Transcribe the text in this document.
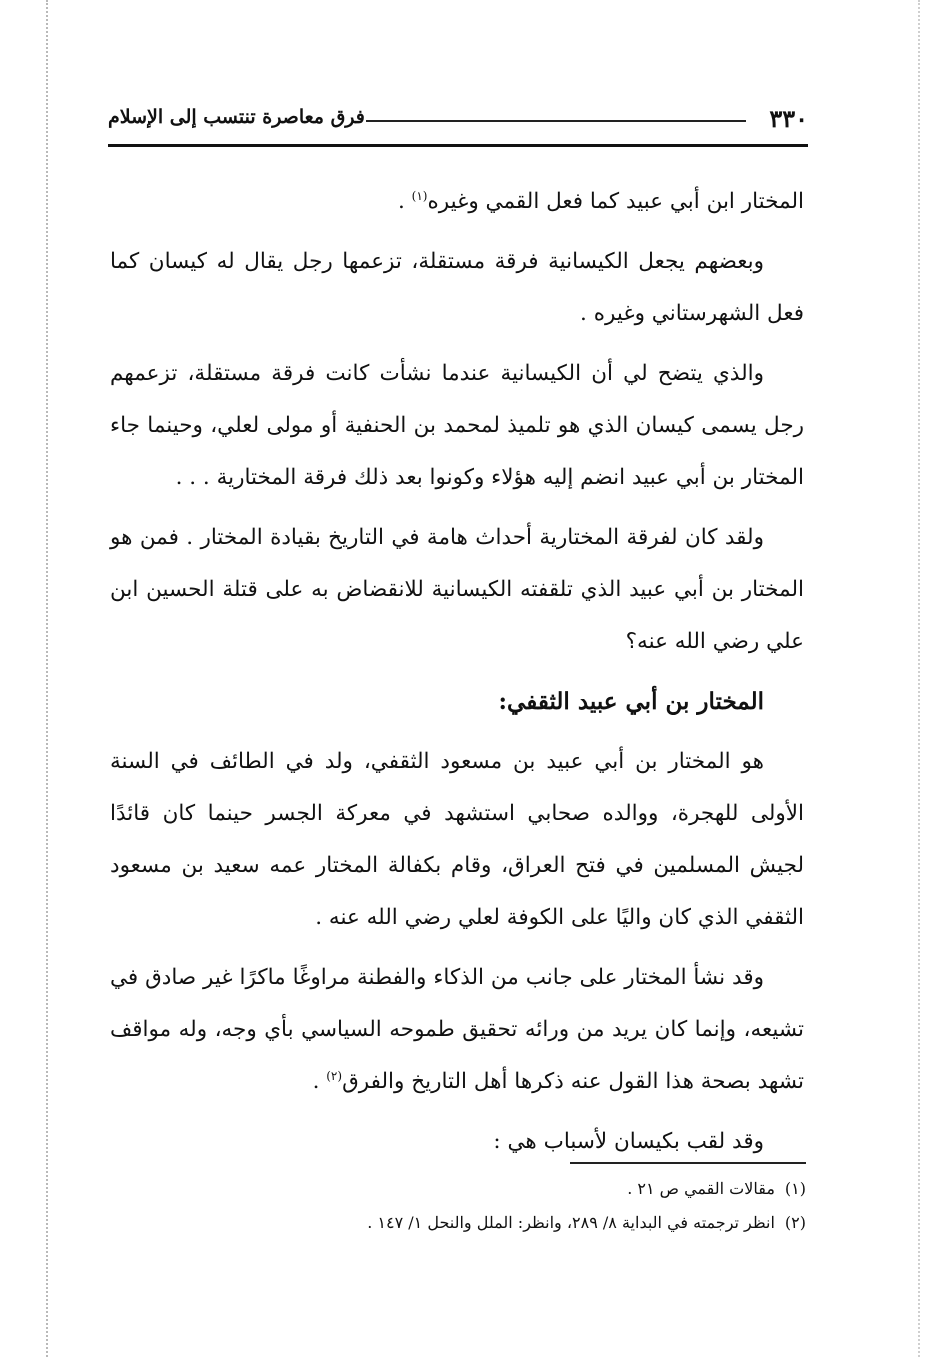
٣٣٠
فرق معاصرة تنتسب إلى الإسلام

المختار ابن أبي عبيد كما فعل القمي وغيره$^{(١)}$ .

وبعضهم يجعل الكيسانية فرقة مستقلة، تزعمها رجل يقال له كيسان كما فعل الشهرستاني وغيره .

والذي يتضح لي أن الكيسانية عندما نشأت كانت فرقة مستقلة، تزعمهم رجل يسمى كيسان الذي هو تلميذ لمحمد بن الحنفية أو مولى لعلي، وحينما جاء المختار بن أبي عبيد انضم إليه هؤلاء وكونوا بعد ذلك فرقة المختارية . . .

ولقد كان لفرقة المختارية أحداث هامة في التاريخ بقيادة المختار . فمن هو المختار بن أبي عبيد الذي تلقفته الكيسانية للانقضاض به على قتلة الحسين ابن علي رضي الله عنه؟

المختار بن أبي عبيد الثقفي:

هو المختار بن أبي عبيد بن مسعود الثقفي، ولد في الطائف في السنة الأولى للهجرة، ووالده صحابي استشهد في معركة الجسر حينما كان قائدًا لجيش المسلمين في فتح العراق، وقام بكفالة المختار عمه سعيد بن مسعود الثقفي الذي كان واليًا على الكوفة لعلي رضي الله عنه .

وقد نشأ المختار على جانب من الذكاء والفطنة مراوغًا ماكرًا غير صادق في تشيعه، وإنما كان يريد من ورائه تحقيق طموحه السياسي بأي وجه، وله مواقف تشهد بصحة هذا القول عنه ذكرها أهل التاريخ والفرق$^{(٢)}$ .

وقد لقب بكيسان لأسباب هي :

(١)مقالات القمي ص ٢١ .

(٢)انظر ترجمته في البداية ٨/ ٢٨٩، وانظر: الملل والنحل ١/ ١٤٧ .
